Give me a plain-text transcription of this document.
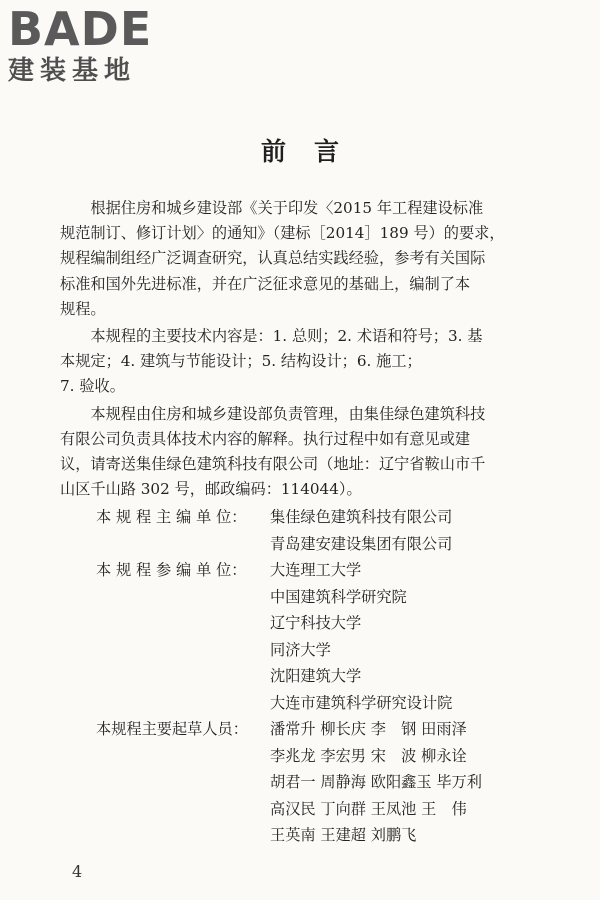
BADE
建装基地
前言
根据住房和城乡建设部《关于印发〈2015 年工程建设标准
规范制订、修订计划〉的通知》（建标［2014］189 号）的要求，
规程编制组经广泛调查研究，认真总结实践经验，参考有关国际
标准和国外先进标准，并在广泛征求意见的基础上，编制了本
规程。
本规程的主要技术内容是：1. 总则；2. 术语和符号；3. 基
本规定；4. 建筑与节能设计；5. 结构设计；6. 施工；
7. 验收。
本规程由住房和城乡建设部负责管理，由集佳绿色建筑科技
有限公司负责具体技术内容的解释。执行过程中如有意见或建
议，请寄送集佳绿色建筑科技有限公司（地址：辽宁省鞍山市千
山区千山路 302 号，邮政编码：114044）。
本 规 程 主 编 单 位：	集佳绿色建筑科技有限公司
青岛建安建设集团有限公司
本 规 程 参 编 单 位：	大连理工大学
中国建筑科学研究院
辽宁科技大学
同济大学
沈阳建筑大学
大连市建筑科学研究设计院
本规程主要起草人员：	潘常升 柳长庆 李　钢 田雨泽
李兆龙 李宏男 宋　波 柳永诠
胡君一 周静海 欧阳鑫玉 毕万利
高汉民 丁向群 王凤池 王　伟
王英南 王建超 刘鹏飞
4
